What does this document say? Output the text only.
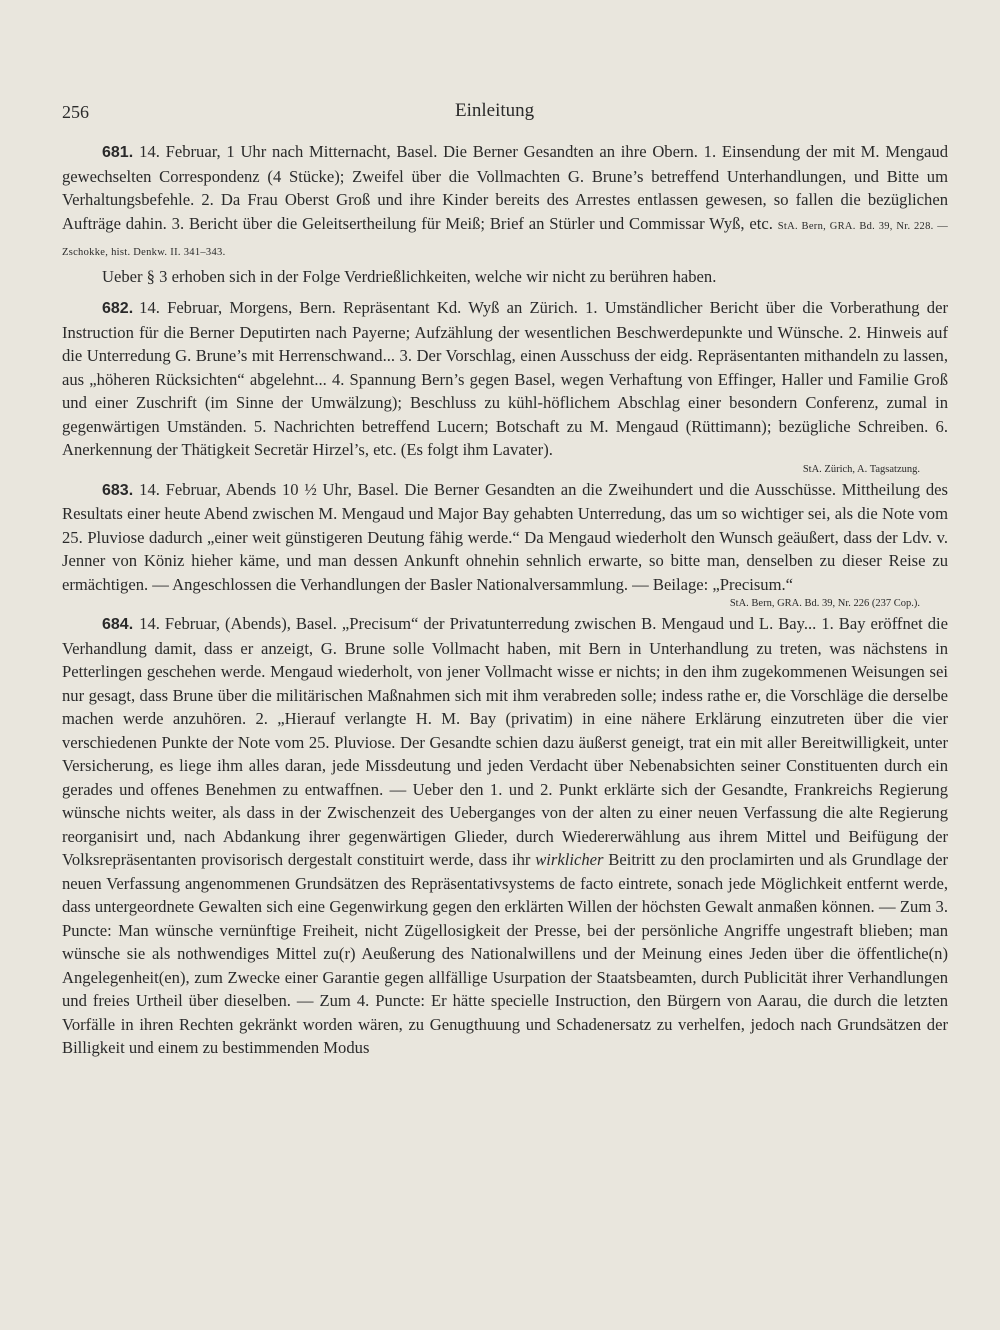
256	Einleitung
681. 14. Februar, 1 Uhr nach Mitternacht, Basel. Die Berner Gesandten an ihre Obern. 1. Einsendung der mit M. Mengaud gewechselten Correspondenz (4 Stücke); Zweifel über die Vollmachten G. Brune’s betreffend Unterhandlungen, und Bitte um Verhaltungsbefehle. 2. Da Frau Oberst Groß und ihre Kinder bereits des Arrestes entlassen gewesen, so fallen die bezüglichen Aufträge dahin. 3. Bericht über die Geleitsertheilung für Meiß; Brief an Stürler und Commissar Wyß, etc. StA. Bern, GRA. Bd. 39, Nr. 228. — Zschokke, hist. Denkw. II. 341–343.
Ueber § 3 erhoben sich in der Folge Verdrießlichkeiten, welche wir nicht zu berühren haben.
682. 14. Februar, Morgens, Bern. Repräsentant Kd. Wyß an Zürich. 1. Umständlicher Bericht über die Vorberathung der Instruction für die Berner Deputirten nach Payerne; Aufzählung der wesentlichen Beschwerdepunkte und Wünsche. 2. Hinweis auf die Unterredung G. Brune’s mit Herrenschwand... 3. Der Vorschlag, einen Ausschuss der eidg. Repräsentanten mithandeln zu lassen, aus „höheren Rücksichten“ abgelehnt... 4. Spannung Bern’s gegen Basel, wegen Verhaftung von Effinger, Haller und Familie Groß und einer Zuschrift (im Sinne der Umwälzung); Beschluss zu kühl-höflichem Abschlag einer besondern Conferenz, zumal in gegenwärtigen Umständen. 5. Nachrichten betreffend Lucern; Botschaft zu M. Mengaud (Rüttimann); bezügliche Schreiben. 6. Anerkennung der Thätigkeit Secretär Hirzel’s, etc. (Es folgt ihm Lavater).
StA. Zürich, A. Tagsatzung.
683. 14. Februar, Abends 10 ½ Uhr, Basel. Die Berner Gesandten an die Zweihundert und die Ausschüsse. Mittheilung des Resultats einer heute Abend zwischen M. Mengaud und Major Bay gehabten Unterredung, das um so wichtiger sei, als die Note vom 25. Pluviose dadurch „einer weit günstigeren Deutung fähig werde.“ Da Mengaud wiederholt den Wunsch geäußert, dass der Ldv. v. Jenner von Köniz hieher käme, und man dessen Ankunft ohnehin sehnlich erwarte, so bitte man, denselben zu dieser Reise zu ermächtigen. — Angeschlossen die Verhandlungen der Basler Nationalversammlung. — Beilage: „Precisum.“
StA. Bern, GRA. Bd. 39, Nr. 226 (237 Cop.).
684. 14. Februar, (Abends), Basel. „Precisum“ der Privatunterredung zwischen B. Mengaud und L. Bay... 1. Bay eröffnet die Verhandlung damit, dass er anzeigt, G. Brune solle Vollmacht haben, mit Bern in Unterhandlung zu treten, was nächstens in Petterlingen geschehen werde. Mengaud wiederholt, von jener Vollmacht wisse er nichts; in den ihm zugekommenen Weisungen sei nur gesagt, dass Brune über die militärischen Maßnahmen sich mit ihm verabreden solle; indess rathe er, die Vorschläge die derselbe machen werde anzuhören. 2. „Hierauf verlangte H. M. Bay (privatim) in eine nähere Erklärung einzutreten über die vier verschiedenen Punkte der Note vom 25. Pluviose. Der Gesandte schien dazu äußerst geneigt, trat ein mit aller Bereitwilligkeit, unter Versicherung, es liege ihm alles daran, jede Missdeutung und jeden Verdacht über Nebenabsichten seiner Constituenten durch ein gerades und offenes Benehmen zu entwaffnen. — Ueber den 1. und 2. Punkt erklärte sich der Gesandte, Frankreichs Regierung wünsche nichts weiter, als dass in der Zwischenzeit des Ueberganges von der alten zu einer neuen Verfassung die alte Regierung reorganisirt und, nach Abdankung ihrer gegenwärtigen Glieder, durch Wiedererwählung aus ihrem Mittel und Beifügung der Volksrepräsentanten provisorisch dergestalt constituirt werde, dass ihr wirklicher Beitritt zu den proclamirten und als Grundlage der neuen Verfassung angenommenen Grundsätzen des Repräsentativsystems de facto eintrete, sonach jede Möglichkeit entfernt werde, dass untergeordnete Gewalten sich eine Gegenwirkung gegen den erklärten Willen der höchsten Gewalt anmaßen können. — Zum 3. Puncte: Man wünsche vernünftige Freiheit, nicht Zügellosigkeit der Presse, bei der persönliche Angriffe ungestraft blieben; man wünsche sie als nothwendiges Mittel zu(r) Aeußerung des Nationalwillens und der Meinung eines Jeden über die öffentliche(n) Angelegenheit(en), zum Zwecke einer Garantie gegen allfällige Usurpation der Staatsbeamten, durch Publicität ihrer Verhandlungen und freies Urtheil über dieselben. — Zum 4. Puncte: Er hätte specielle Instruction, den Bürgern von Aarau, die durch die letzten Vorfälle in ihren Rechten gekränkt worden wären, zu Genugthuung und Schadenersatz zu verhelfen, jedoch nach Grundsätzen der Billigkeit und einem zu bestimmenden Modus
